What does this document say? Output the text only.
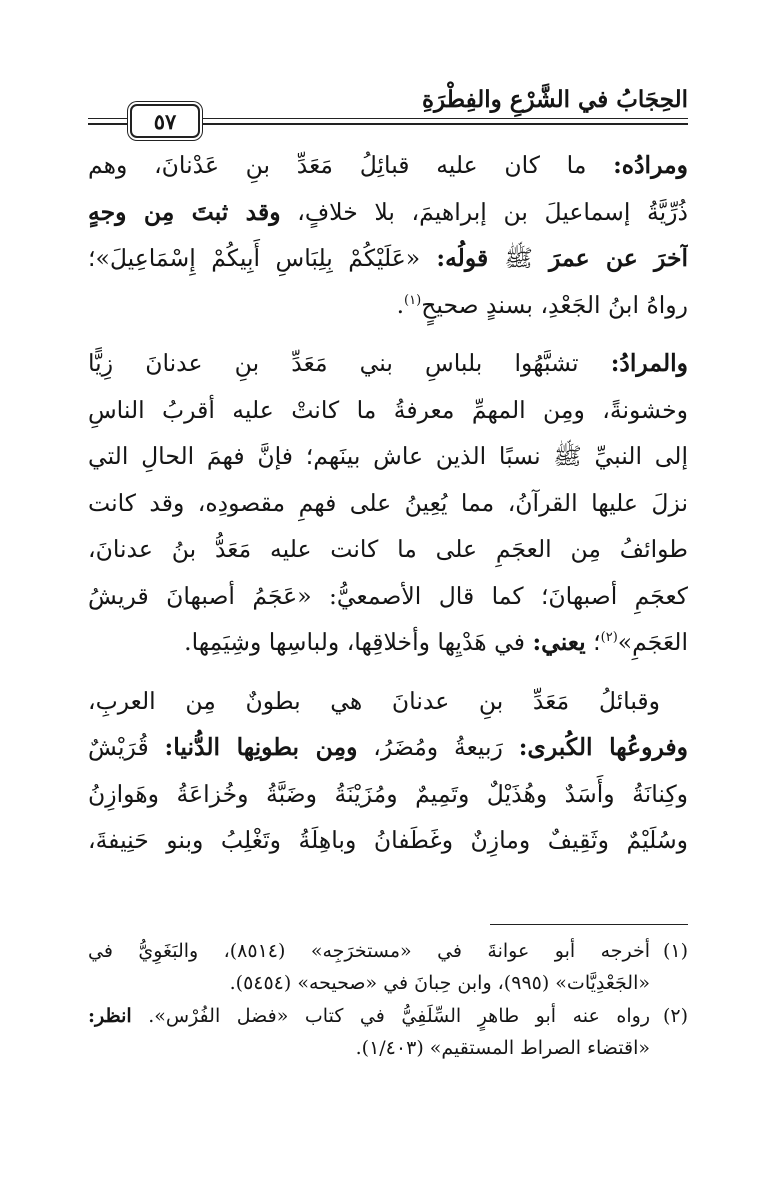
الحِجَابُ في الشَّرْعِ والفِطْرَةِ
٥٧
ومرادُه: ما كان عليه قبائِلُ مَعَدِّ بنِ عَدْنانَ، وهم
ذُرِّيَّةُ إسماعيلَ بن إبراهيمَ، بلا خلافٍ، وقد ثبتَ مِن وجهٍ
آخرَ عن عمرَ ﷺ قولُه: «عَلَيْكُمْ بِلِبَاسِ أَبِيكُمْ إِسْمَاعِيلَ»؛
رواهُ ابنُ الجَعْدِ، بسندٍ صحيحٍ$^{(١)}$.
والمرادُ: تشبَّهُوا بلباسِ بني مَعَدِّ بنِ عدنانَ زِيًّا
وخشونةً، ومِن المهمِّ معرفةُ ما كانتْ عليه أقربُ الناسِ
إلى النبيِّ ﷺ نسبًا الذين عاش بينَهم؛ فإنَّ فهمَ الحالِ التي
نزلَ عليها القرآنُ، مما يُعِينُ على فهمِ مقصودِه، وقد كانت
طوائفُ مِن العجَمِ على ما كانت عليه مَعَدُّ بنُ عدنانَ،
كعجَمِ أصبهانَ؛ كما قال الأصمعيُّ: «عَجَمُ أصبهانَ قريشُ
العَجَمِ»$^{(٢)}$؛ يعني: في هَدْيِها وأخلاقِها، ولباسِها وشِيَمِها.
وقبائلُ مَعَدِّ بنِ عدنانَ هي بطونٌ مِن العربِ،
وفروعُها الكُبرى: رَبيعةُ ومُضَرُ، ومِن بطونِها الدُّنيا: قُرَيْشٌ
وكِنانَةُ وأَسَدٌ وهُذَيْلٌ وتَمِيمٌ ومُزَيْنَةُ وضَبَّةُ وخُزاعَةُ وهَوازِنُ
وسُلَيْمٌ وثَقِيفٌ ومازِنٌ وغَطَفانُ وباهِلَةُ وتَغْلِبُ وبنو حَنِيفةَ،
(١)أخرجه أبو عوانةَ في «مستخرَجِه» (٨٥١٤)، والبَغَوِيُّ في
«الجَعْدِيَّات» (٩٩٥)، وابن حِبانَ في «صحيحه» (٥٤٥٤).
(٢)رواه عنه أبو طاهرٍ السِّلَفِيُّ في كتاب «فضل الفُرْس». انظر:
«اقتضاء الصراط المستقيم» (١/٤٠٣).
